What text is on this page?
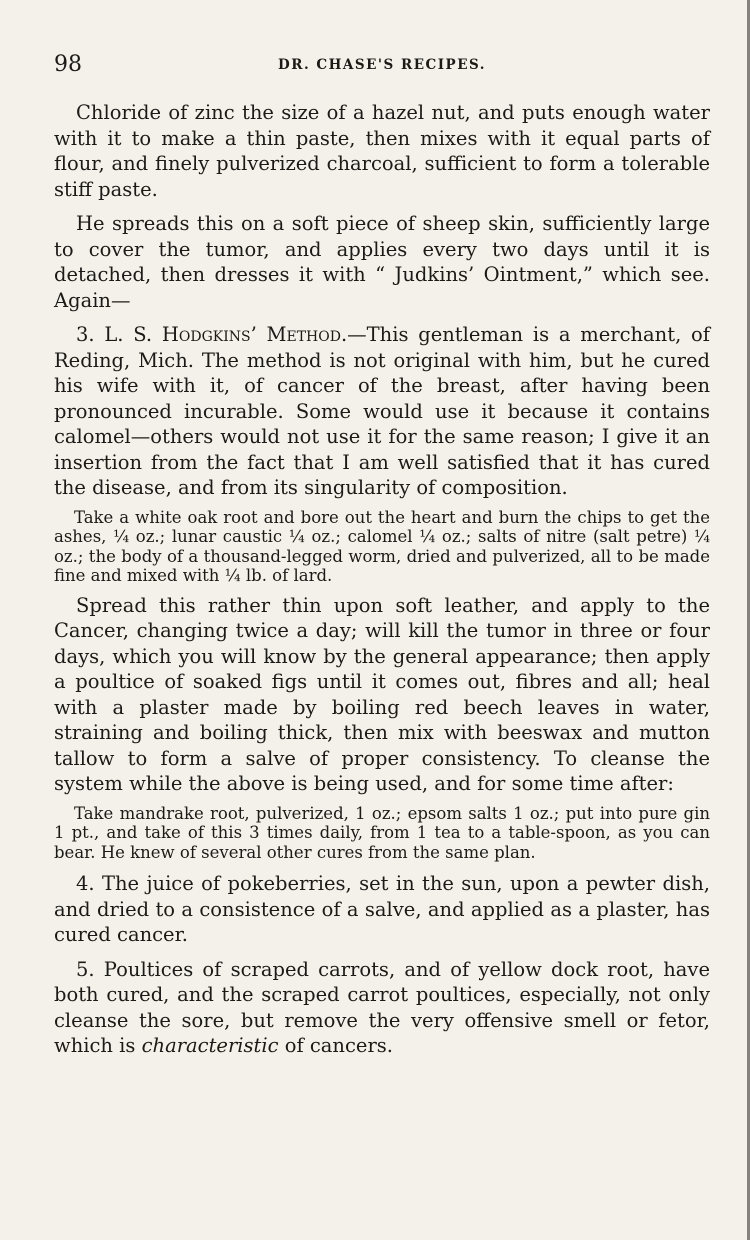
98	DR. CHASE'S RECIPES.

Chloride of zinc the size of a hazel nut, and puts enough water with it to make a thin paste, then mixes with it equal parts of flour, and finely pulverized charcoal, sufficient to form a tolerable stiff paste.

He spreads this on a soft piece of sheep skin, sufficiently large to cover the tumor, and applies every two days until it is detached, then dresses it with “ Judkins’ Ointment,” which see. Again—

3. L. S. Hodgkins’ Method.—This gentleman is a merchant, of Reding, Mich. The method is not original with him, but he cured his wife with it, of cancer of the breast, after having been pronounced incurable. Some would use it because it contains calomel—others would not use it for the same reason; I give it an insertion from the fact that I am well satisfied that it has cured the disease, and from its singularity of composition.

Take a white oak root and bore out the heart and burn the chips to get the ashes, ¼ oz.; lunar caustic ¼ oz.; calomel ¼ oz.; salts of nitre (salt petre) ¼ oz.; the body of a thousand-legged worm, dried and pulverized, all to be made fine and mixed with ¼ lb. of lard.

Spread this rather thin upon soft leather, and apply to the Cancer, changing twice a day; will kill the tumor in three or four days, which you will know by the general appearance; then apply a poultice of soaked figs until it comes out, fibres and all; heal with a plaster made by boiling red beech leaves in water, straining and boiling thick, then mix with beeswax and mutton tallow to form a salve of proper consistency. To cleanse the system while the above is being used, and for some time after:

Take mandrake root, pulverized, 1 oz.; epsom salts 1 oz.; put into pure gin 1 pt., and take of this 3 times daily, from 1 tea to a table-spoon, as you can bear. He knew of several other cures from the same plan.

4. The juice of pokeberries, set in the sun, upon a pewter dish, and dried to a consistence of a salve, and applied as a plaster, has cured cancer.

5. Poultices of scraped carrots, and of yellow dock root, have both cured, and the scraped carrot poultices, especially, not only cleanse the sore, but remove the very offensive smell or fetor, which is characteristic of cancers.
